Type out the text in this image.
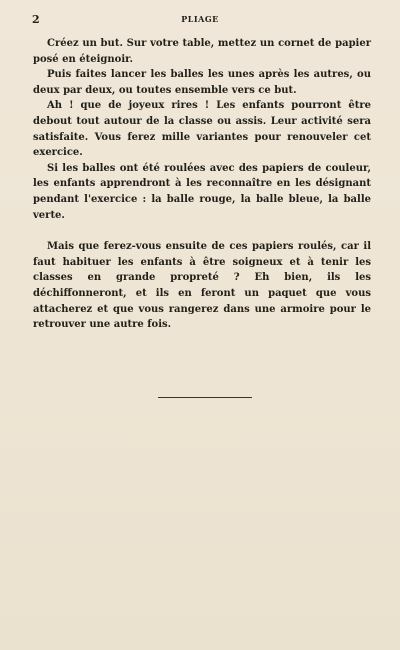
2	PLIAGE

Créez un but. Sur votre table, mettez un cornet de papier posé en éteignoir.

Puis faites lancer les balles les unes après les autres, ou deux par deux, ou toutes ensemble vers ce but.

Ah ! que de joyeux rires ! Les enfants pourront être debout tout autour de la classe ou assis. Leur activité sera satisfaite. Vous ferez mille variantes pour renouveler cet exercice.

Si les balles ont été roulées avec des papiers de couleur, les enfants apprendront à les reconnaître en les désignant pendant l'exercice : la balle rouge, la balle bleue, la balle verte.

Mais que ferez-vous ensuite de ces papiers roulés, car il faut habituer les enfants à être soigneux et à tenir les classes en grande propreté ? Eh bien, ils les déchiffonneront, et ils en feront un paquet que vous attacherez et que vous rangerez dans une armoire pour le retrouver une autre fois.
